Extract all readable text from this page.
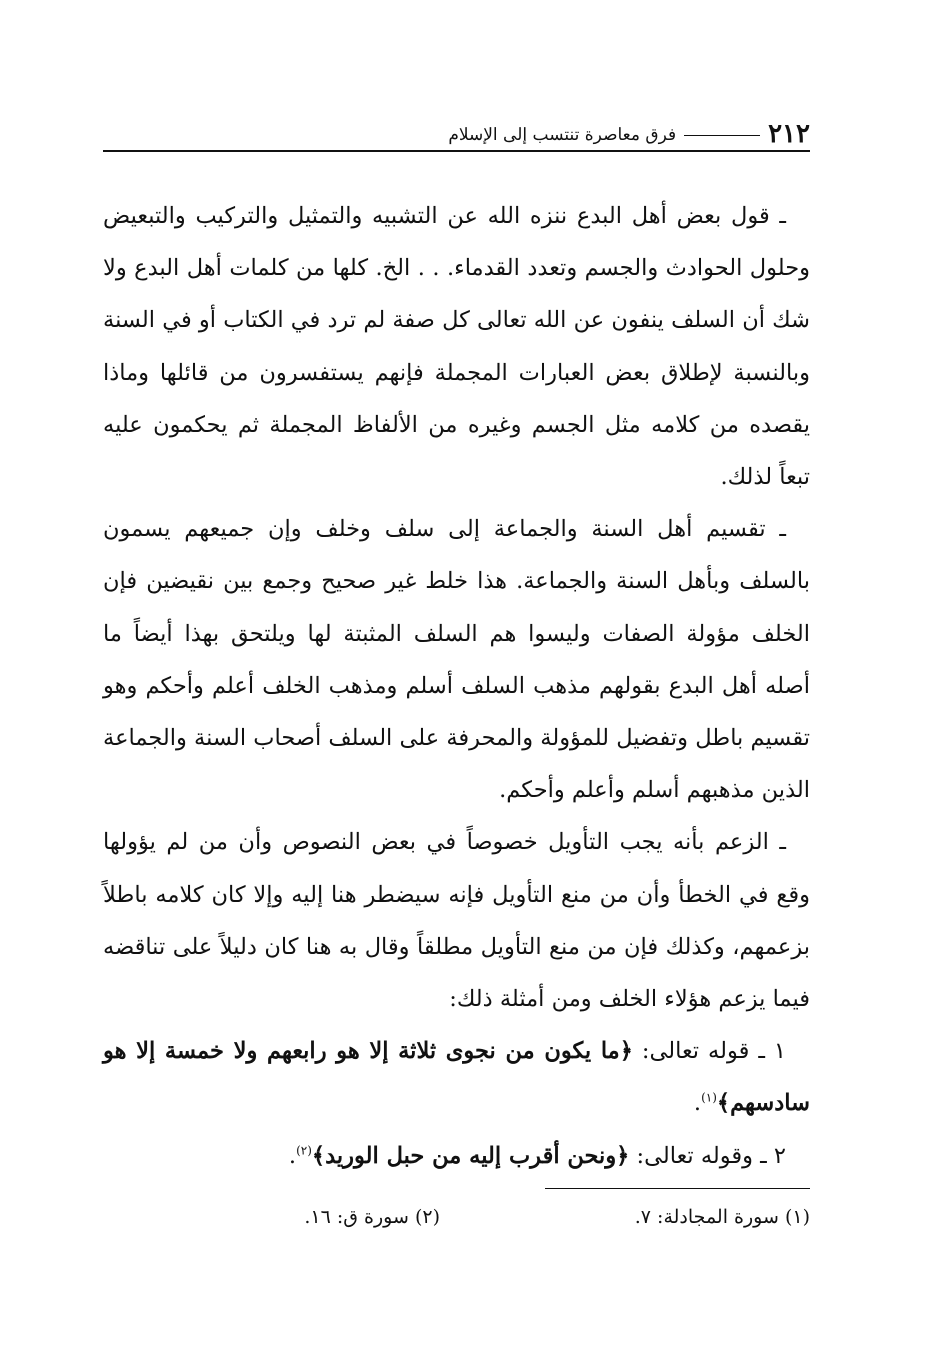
٢١٢
فرق معاصرة تنتسب إلى الإسلام

ـ قول بعض أهل البدع ننزه الله عن التشبيه والتمثيل والتركيب والتبعيض وحلول الحوادث والجسم وتعدد القدماء. . . الخ. كلها من كلمات أهل البدع ولا شك أن السلف ينفون عن الله تعالى كل صفة لم ترد في الكتاب أو في السنة وبالنسبة لإطلاق بعض العبارات المجملة فإنهم يستفسرون من قائلها وماذا يقصده من كلامه مثل الجسم وغيره من الألفاظ المجملة ثم يحكمون عليه تبعاً لذلك.

ـ تقسيم أهل السنة والجماعة إلى سلف وخلف وإن جميعهم يسمون بالسلف وبأهل السنة والجماعة. هذا خلط غير صحيح وجمع بين نقيضين فإن الخلف مؤولة الصفات وليسوا هم السلف المثبتة لها ويلتحق بهذا أيضاً ما أصله أهل البدع بقولهم مذهب السلف أسلم ومذهب الخلف أعلم وأحكم وهو تقسيم باطل وتفضيل للمؤولة والمحرفة على السلف أصحاب السنة والجماعة الذين مذهبهم أسلم وأعلم وأحكم.

ـ الزعم بأنه يجب التأويل خصوصاً في بعض النصوص وأن من لم يؤولها وقع في الخطأ وأن من منع التأويل فإنه سيضطر هنا إليه وإلا كان كلامه باطلاً بزعمهم، وكذلك فإن من منع التأويل مطلقاً وقال به هنا كان دليلاً على تناقضه فيما يزعم هؤلاء الخلف ومن أمثلة ذلك:

١ ـ قوله تعالى: ﴿ما يكون من نجوى ثلاثة إلا هو رابعهم ولا خمسة إلا هو سادسهم﴾$^{(١)}$.

٢ ـ وقوله تعالى: ﴿ونحن أقرب إليه من حبل الوريد﴾$^{(٢)}$.

(١) سورة المجادلة: ٧.
(٢) سورة ق: ١٦.
